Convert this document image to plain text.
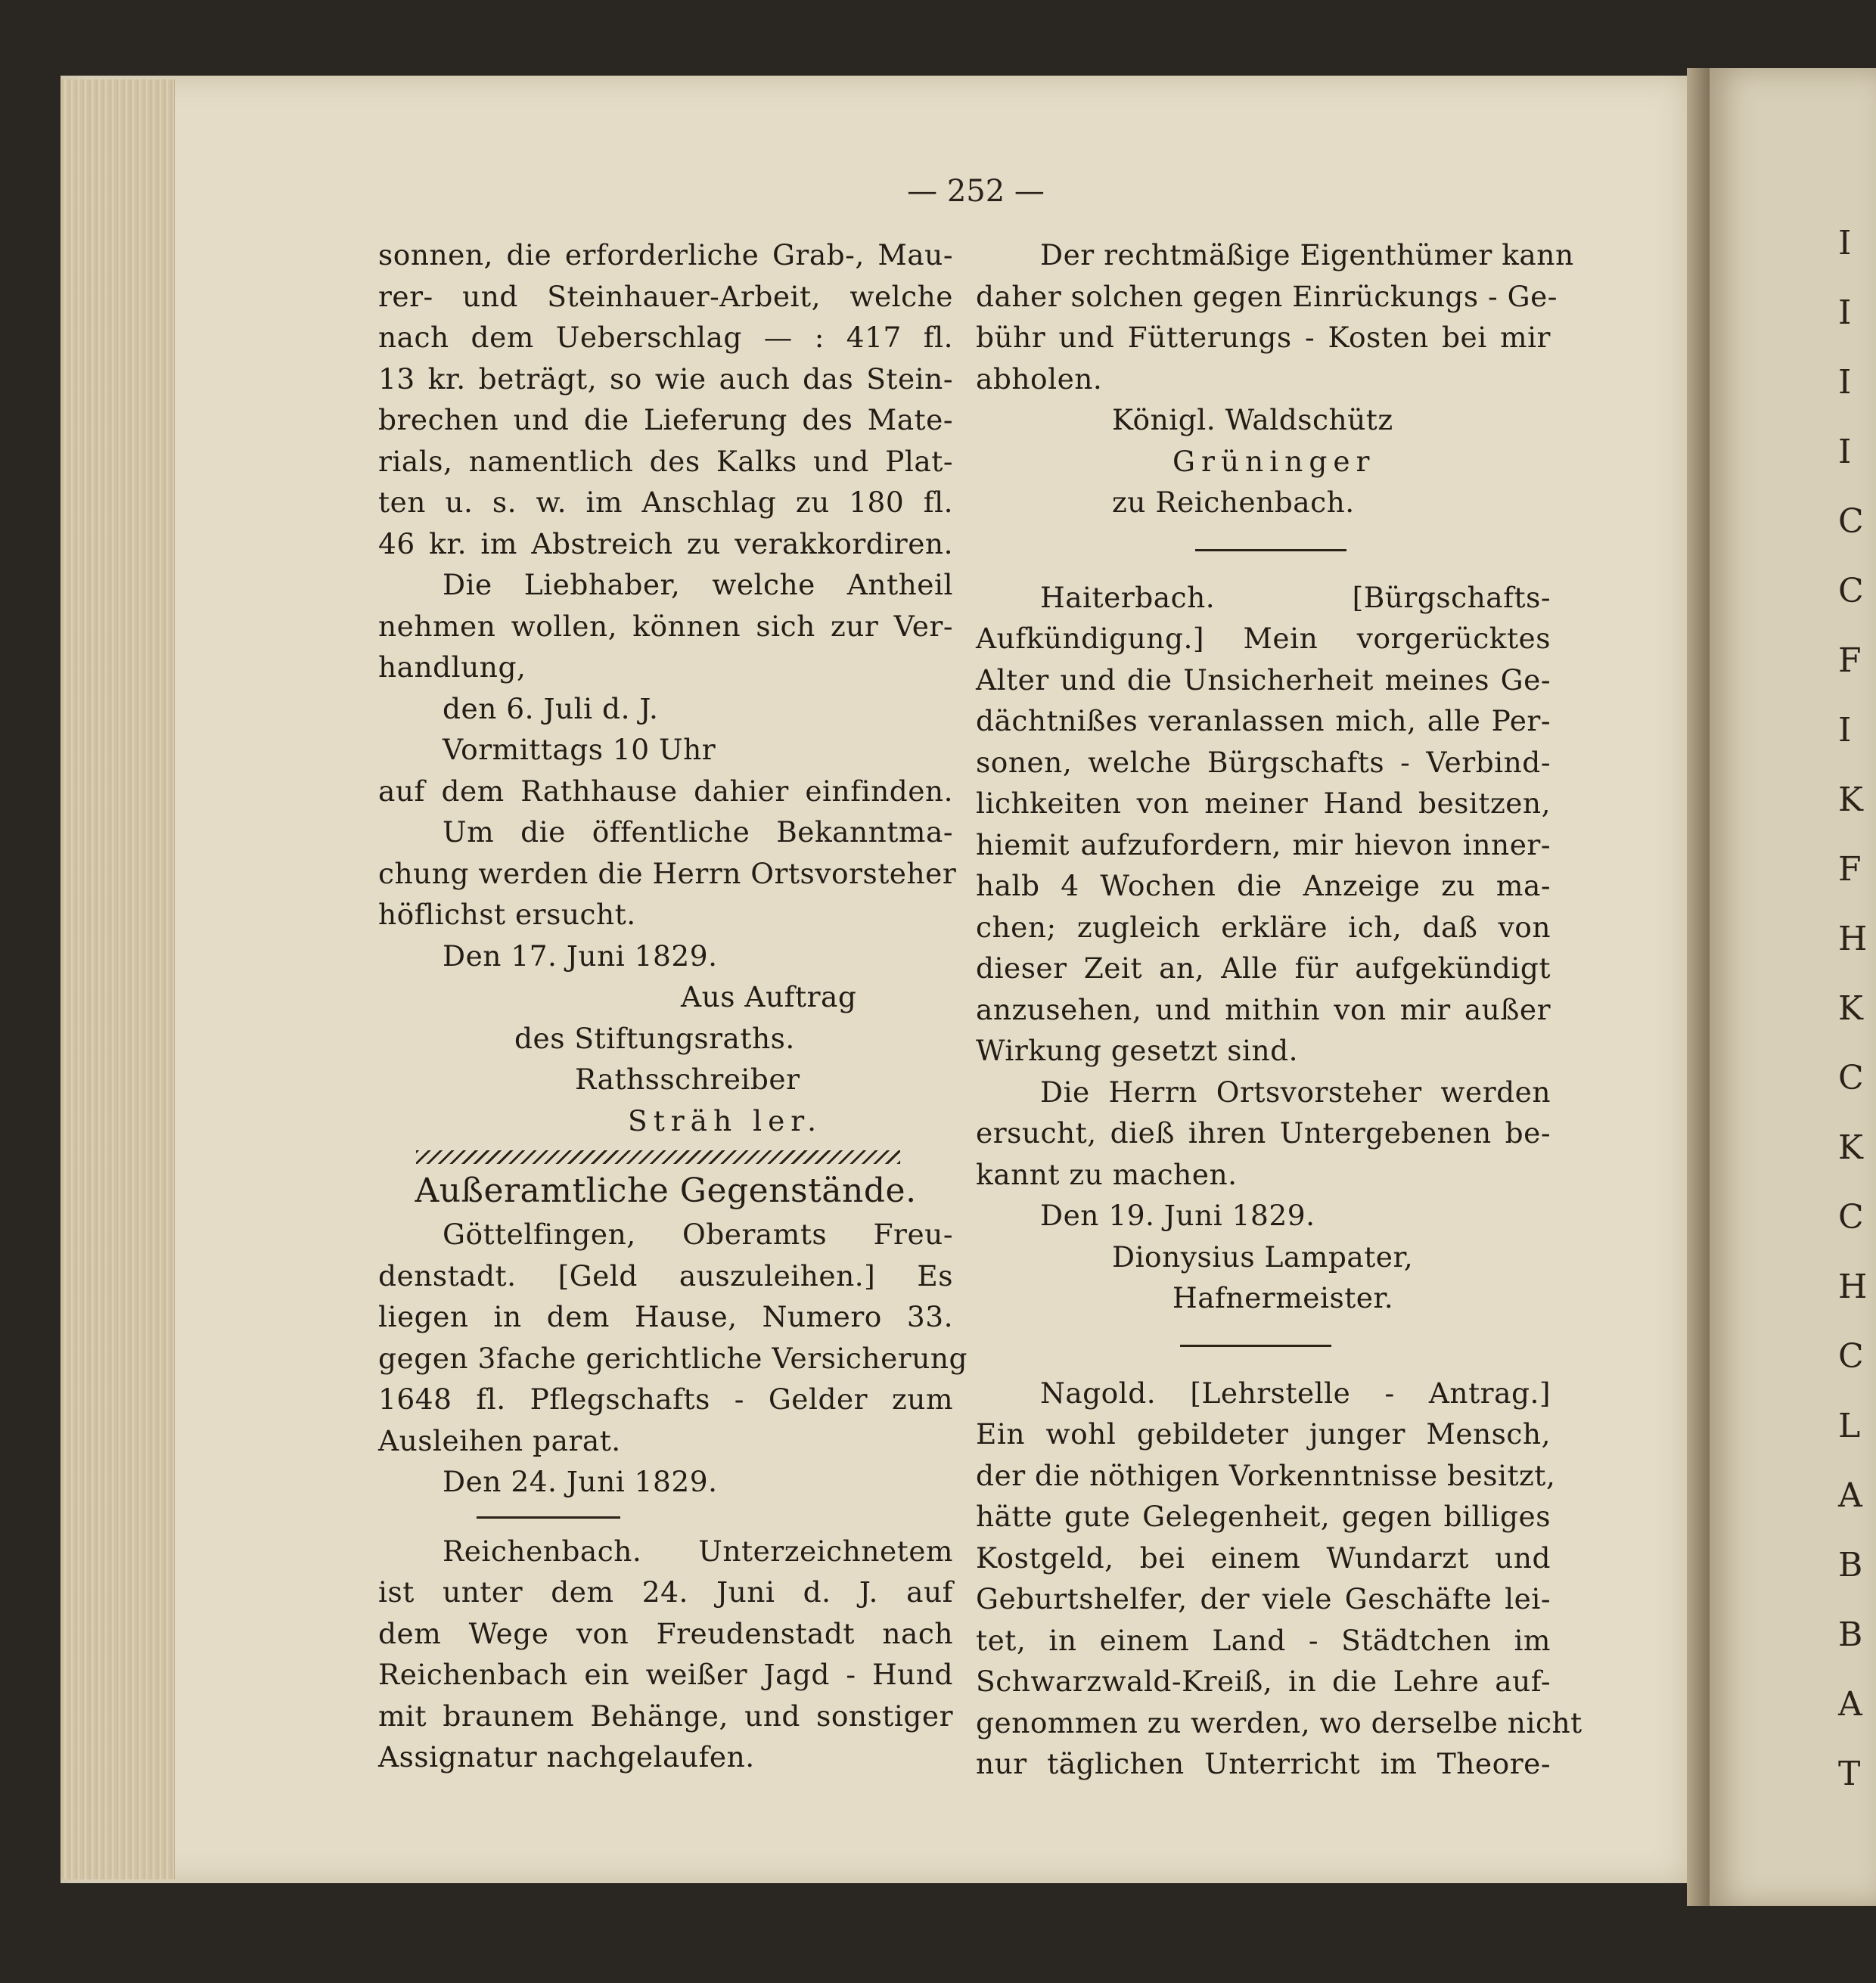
I
I
I
I
C
C
F
I
K
F
H
K
C
K
C
H
C
L
A
B
B
A
T
— 252 —
sonnen, die erforderliche Grab-, Mau-
rer- und Steinhauer-Arbeit, welche
nach dem Ueberschlag — : 417 fl.
13 kr. beträgt, so wie auch das Stein-
brechen und die Lieferung des Mate-
rials, namentlich des Kalks und Plat-
ten u. s. w. im Anschlag zu 180 fl.
46 kr. im Abstreich zu verakkordiren.
Die Liebhaber, welche Antheil
nehmen wollen, können sich zur Ver-
handlung,
den 6. Juli d. J.
Vormittags 10 Uhr
auf dem Rathhause dahier einfinden.
Um die öffentliche Bekanntma-
chung werden die Herrn Ortsvorsteher
höflichst ersucht.
Den 17. Juni 1829.
Aus Auftrag
des Stiftungsraths.
Rathsschreiber
Sträh ler.
Außeramtliche Gegenstände.
Göttelfingen, Oberamts Freu-
denstadt. [Geld auszuleihen.] Es
liegen in dem Hause, Numero 33.
gegen 3fache gerichtliche Versicherung
1648 fl. Pflegschafts - Gelder zum
Ausleihen parat.
Den 24. Juni 1829.
Reichenbach. Unterzeichnetem
ist unter dem 24. Juni d. J. auf
dem Wege von Freudenstadt nach
Reichenbach ein weißer Jagd - Hund
mit braunem Behänge, und sonstiger
Assignatur nachgelaufen.
Der rechtmäßige Eigenthümer kann
daher solchen gegen Einrückungs - Ge-
bühr und Fütterungs - Kosten bei mir
abholen.
Königl. Waldschütz
Grüninger
zu Reichenbach.
Haiterbach. [Bürgschafts-
Aufkündigung.] Mein vorgerücktes
Alter und die Unsicherheit meines Ge-
dächtnißes veranlassen mich, alle Per-
sonen, welche Bürgschafts - Verbind-
lichkeiten von meiner Hand besitzen,
hiemit aufzufordern, mir hievon inner-
halb 4 Wochen die Anzeige zu ma-
chen; zugleich erkläre ich, daß von
dieser Zeit an, Alle für aufgekündigt
anzusehen, und mithin von mir außer
Wirkung gesetzt sind.
Die Herrn Ortsvorsteher werden
ersucht, dieß ihren Untergebenen be-
kannt zu machen.
Den 19. Juni 1829.
Dionysius Lampater,
Hafnermeister.
Nagold. [Lehrstelle - Antrag.]
Ein wohl gebildeter junger Mensch,
der die nöthigen Vorkenntnisse besitzt,
hätte gute Gelegenheit, gegen billiges
Kostgeld, bei einem Wundarzt und
Geburtshelfer, der viele Geschäfte lei-
tet, in einem Land - Städtchen im
Schwarzwald-Kreiß, in die Lehre auf-
genommen zu werden, wo derselbe nicht
nur täglichen Unterricht im Theore-
